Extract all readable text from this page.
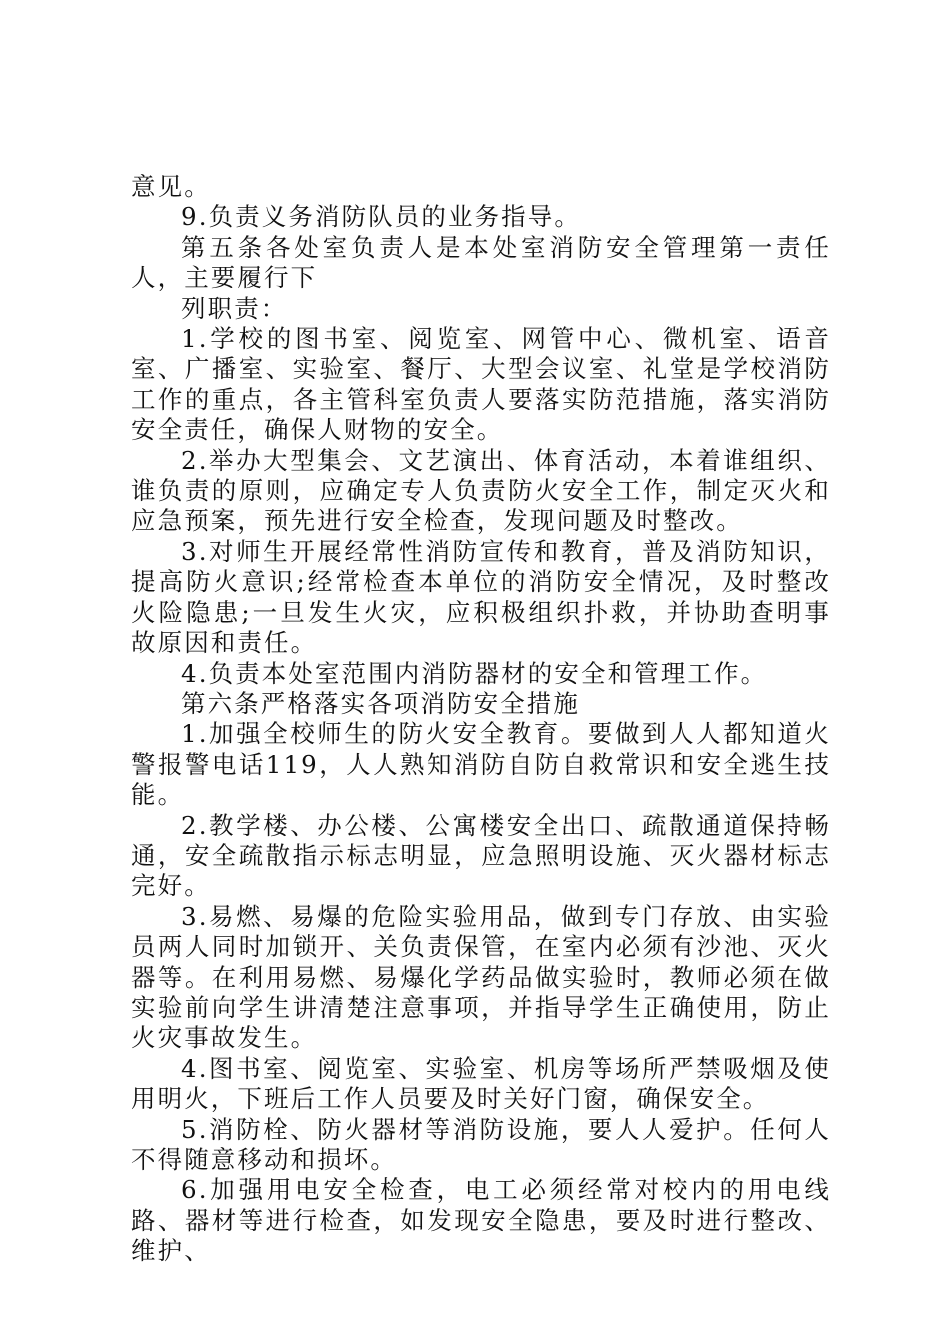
意见。

9.负责义务消防队员的业务指导。

第五条各处室负责人是本处室消防安全管理第一责任人，主要履行下

列职责：

1.学校的图书室、阅览室、网管中心、微机室、语音室、广播室、实验室、餐厅、大型会议室、礼堂是学校消防工作的重点，各主管科室负责人要落实防范措施，落实消防安全责任，确保人财物的安全。

2.举办大型集会、文艺演出、体育活动，本着谁组织、谁负责的原则，应确定专人负责防火安全工作，制定灭火和应急预案，预先进行安全检查，发现问题及时整改。

3.对师生开展经常性消防宣传和教育，普及消防知识，提高防火意识;经常检查本单位的消防安全情况，及时整改火险隐患;一旦发生火灾，应积极组织扑救，并协助查明事故原因和责任。

4.负责本处室范围内消防器材的安全和管理工作。

第六条严格落实各项消防安全措施

1.加强全校师生的防火安全教育。要做到人人都知道火警报警电话119，人人熟知消防自防自救常识和安全逃生技能。

2.教学楼、办公楼、公寓楼安全出口、疏散通道保持畅通，安全疏散指示标志明显，应急照明设施、灭火器材标志完好。

3.易燃、易爆的危险实验用品，做到专门存放、由实验员两人同时加锁开、关负责保管，在室内必须有沙池、灭火器等。在利用易燃、易爆化学药品做实验时，教师必须在做实验前向学生讲清楚注意事项，并指导学生正确使用，防止火灾事故发生。

4.图书室、阅览室、实验室、机房等场所严禁吸烟及使用明火，下班后工作人员要及时关好门窗，确保安全。

5.消防栓、防火器材等消防设施，要人人爱护。任何人不得随意移动和损坏。

6.加强用电安全检查，电工必须经常对校内的用电线路、器材等进行检查，如发现安全隐患，要及时进行整改、维护、
